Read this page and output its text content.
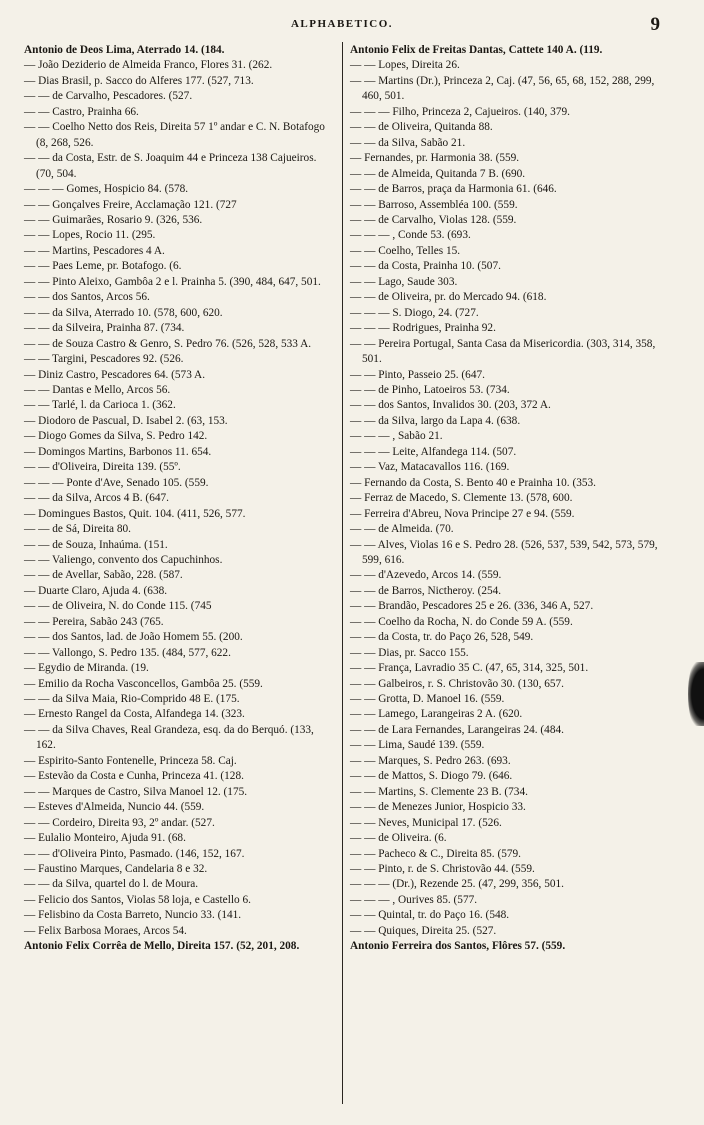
ALPHABETICO.	9

Antonio de Deos Lima, Aterrado 14. (184.

— João Deziderio de Almeida Franco, Flores 31. (262.

— Dias Brasil, p. Sacco do Alferes 177. (527, 713.

— — de Carvalho, Pescadores. (527.

— — Castro, Prainha 66.

— — Coelho Netto dos Reis, Direita 57 1º andar e C. N. Botafogo (8, 268, 526.

— — da Costa, Estr. de S. Joaquim 44 e Princeza 138 Cajueiros. (70, 504.

— — — Gomes, Hospicio 84. (578.

— — Gonçalves Freire, Acclamação 121. (727

— — Guimarães, Rosario 9. (326, 536.

— — Lopes, Rocio 11. (295.

— — Martins, Pescadores 4 A.

— — Paes Leme, pr. Botafogo. (6.

— — Pinto Aleixo, Gambôa 2 e l. Prainha 5. (390, 484, 647, 501.

— — dos Santos, Arcos 56.

— — da Silva, Aterrado 10. (578, 600, 620.

— — da Silveira, Prainha 87. (734.

— — de Souza Castro & Genro, S. Pedro 76. (526, 528, 533 A.

— — Targini, Pescadores 92. (526.

— Diniz Castro, Pescadores 64. (573 A.

— — Dantas e Mello, Arcos 56.

— — Tarlé, l. da Carioca 1. (362.

— Diodoro de Pascual, D. Isabel 2. (63, 153.

— Diogo Gomes da Silva, S. Pedro 142.

— Domingos Martins, Barbonos 11. 654.

— — d'Oliveira, Direita 139. (55º.

— — — Ponte d'Ave, Senado 105. (559.

— — da Silva, Arcos 4 B. (647.

— Domingues Bastos, Quit. 104. (411, 526, 577.

— — de Sá, Direita 80.

— — de Souza, Inhaúma. (151.

— — Valiengo, convento dos Capuchinhos.

— — de Avellar, Sabão, 228. (587.

— Duarte Claro, Ajuda 4. (638.

— — de Oliveira, N. do Conde 115. (745

— — Pereira, Sabão 243 (765.

— — dos Santos, lad. de João Homem 55. (200.

— — Vallongo, S. Pedro 135. (484, 577, 622.

— Egydio de Miranda. (19.

— Emilio da Rocha Vasconcellos, Gambôa 25. (559.

— — da Silva Maia, Rio-Comprido 48 E. (175.

— Ernesto Rangel da Costa, Alfandega 14. (323.

— — da Silva Chaves, Real Grandeza, esq. da do Berquó. (133, 162.

— Espirito-Santo Fontenelle, Princeza 58. Caj.

— Estevão da Costa e Cunha, Princeza 41. (128.

— — Marques de Castro, Silva Manoel 12. (175.

— Esteves d'Almeida, Nuncio 44. (559.

— — Cordeiro, Direita 93, 2º andar. (527.

— Eulalio Monteiro, Ajuda 91. (68.

— — d'Oliveira Pinto, Pasmado. (146, 152, 167.

— Faustino Marques, Candelaria 8 e 32.

— — da Silva, quartel do l. de Moura.

— Felicio dos Santos, Violas 58 loja, e Castello 6.

— Felisbino da Costa Barreto, Nuncio 33. (141.

— Felix Barbosa Moraes, Arcos 54.

Antonio Felix Corrêa de Mello, Direita 157. (52, 201, 208.

Antonio Felix de Freitas Dantas, Cattete 140 A. (119.

— — Lopes, Direita 26.

— — Martins (Dr.), Princeza 2, Caj. (47, 56, 65, 68, 152, 288, 299, 460, 501.

— — — Filho, Princeza 2, Cajueiros. (140, 379.

— — de Oliveira, Quitanda 88.

— — da Silva, Sabão 21.

— Fernandes, pr. Harmonia 38. (559.

— — de Almeida, Quitanda 7 B. (690.

— — de Barros, praça da Harmonia 61. (646.

— — Barroso, Assembléa 100. (559.

— — de Carvalho, Violas 128. (559.

— — — , Conde 53. (693.

— — Coelho, Telles 15.

— — da Costa, Prainha 10. (507.

— — Lago, Saude 303.

— — de Oliveira, pr. do Mercado 94. (618.

— — — S. Diogo, 24. (727.

— — — Rodrigues, Prainha 92.

— — Pereira Portugal, Santa Casa da Misericordia. (303, 314, 358, 501.

— — Pinto, Passeio 25. (647.

— — de Pinho, Latoeiros 53. (734.

— — dos Santos, Invalidos 30. (203, 372 A.

— — da Silva, largo da Lapa 4. (638.

— — — , Sabão 21.

— — — Leite, Alfandega 114. (507.

— — Vaz, Matacavallos 116. (169.

— Fernando da Costa, S. Bento 40 e Prainha 10. (353.

— Ferraz de Macedo, S. Clemente 13. (578, 600.

— Ferreira d'Abreu, Nova Principe 27 e 94. (559.

— — de Almeida. (70.

— — Alves, Violas 16 e S. Pedro 28. (526, 537, 539, 542, 573, 579, 599, 616.

— — d'Azevedo, Arcos 14. (559.

— — de Barros, Nictheroy. (254.

— — Brandão, Pescadores 25 e 26. (336, 346 A, 527.

— — Coelho da Rocha, N. do Conde 59 A. (559.

— — da Costa, tr. do Paço 26, 528, 549.

— — Dias, pr. Sacco 155.

— — França, Lavradio 35 C. (47, 65, 314, 325, 501.

— — Galbeiros, r. S. Christovão 30. (130, 657.

— — Grotta, D. Manoel 16. (559.

— — Lamego, Larangeiras 2 A. (620.

— — de Lara Fernandes, Larangeiras 24. (484.

— — Lima, Saudé 139. (559.

— — Marques, S. Pedro 263. (693.

— — de Mattos, S. Diogo 79. (646.

— — Martins, S. Clemente 23 B. (734.

— — de Menezes Junior, Hospicio 33.

— — Neves, Municipal 17. (526.

— — de Oliveira. (6.

— — Pacheco & C., Direita 85. (579.

— — Pinto, r. de S. Christovão 44. (559.

— — — (Dr.), Rezende 25. (47, 299, 356, 501.

— — — , Ourives 85. (577.

— — Quintal, tr. do Paço 16. (548.

— — Quiques, Direita 25. (527.

Antonio Ferreira dos Santos, Flôres 57. (559.
